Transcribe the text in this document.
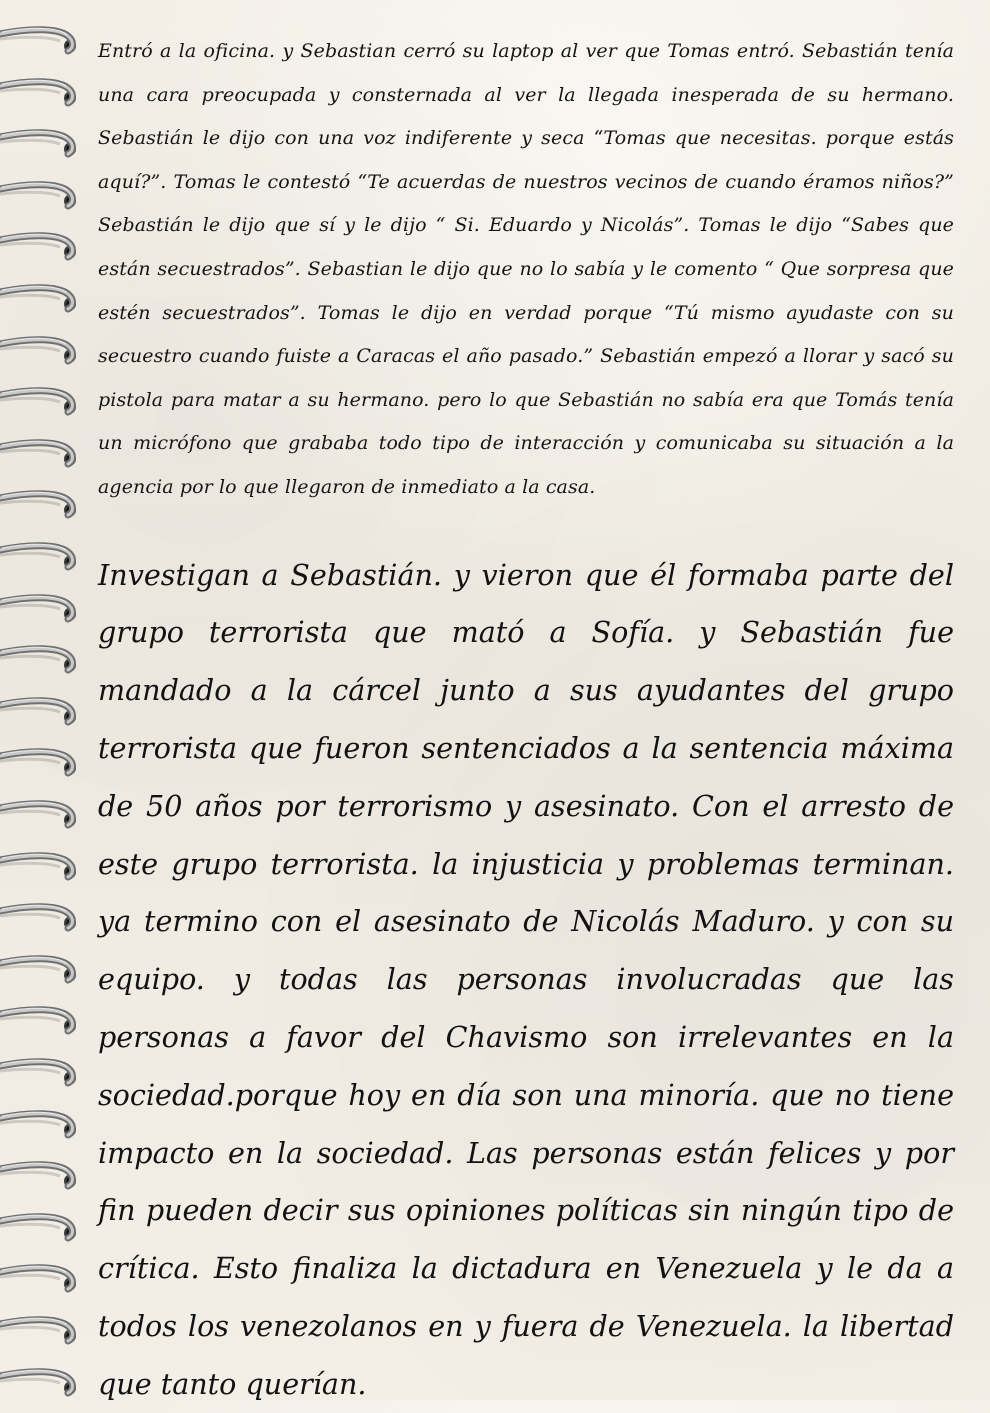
Entró a la oficina. y Sebastian cerró su laptop al ver que Tomas entró. Sebastián tenía una cara preocupada y consternada al ver la llegada inesperada de su hermano. Sebastián le dijo con una voz indiferente y seca “Tomas que necesitas. porque estás aquí?”. Tomas le contestó “Te acuerdas de nuestros vecinos de cuando éramos niños?” Sebastián le dijo que sí y le dijo “ Si. Eduardo y Nicolás”. Tomas le dijo “Sabes que están secuestrados”. Sebastian le dijo que no lo sabía y le comento “ Que sorpresa que estén secuestrados”. Tomas le dijo en verdad porque “Tú mismo ayudaste con su secuestro cuando fuiste a Caracas el año pasado.” Sebastián empezó a llorar y sacó su pistola para matar a su hermano. pero lo que Sebastián no sabía era que Tomás tenía un micrófono que grababa todo tipo de interacción y comunicaba su situación a la agencia por lo que llegaron de inmediato a la casa.

Investigan a Sebastián. y vieron que él formaba parte del grupo terrorista que mató a Sofía. y Sebastián fue mandado a la cárcel junto a sus ayudantes del grupo terrorista que fueron sentenciados a la sentencia máxima de 50 años por terrorismo y asesinato. Con el arresto de este grupo terrorista. la injusticia y problemas terminan. ya termino con el asesinato de Nicolás Maduro. y con su equipo. y todas las personas involucradas que las personas a favor del Chavismo son irrelevantes en la sociedad.porque hoy en día son una minoría. que no tiene impacto en la sociedad. Las personas están felices y por fin pueden decir sus opiniones políticas sin ningún tipo de crítica. Esto finaliza la dictadura en Venezuela y le da a todos los venezolanos en y fuera de Venezuela. la libertad que tanto querían.
